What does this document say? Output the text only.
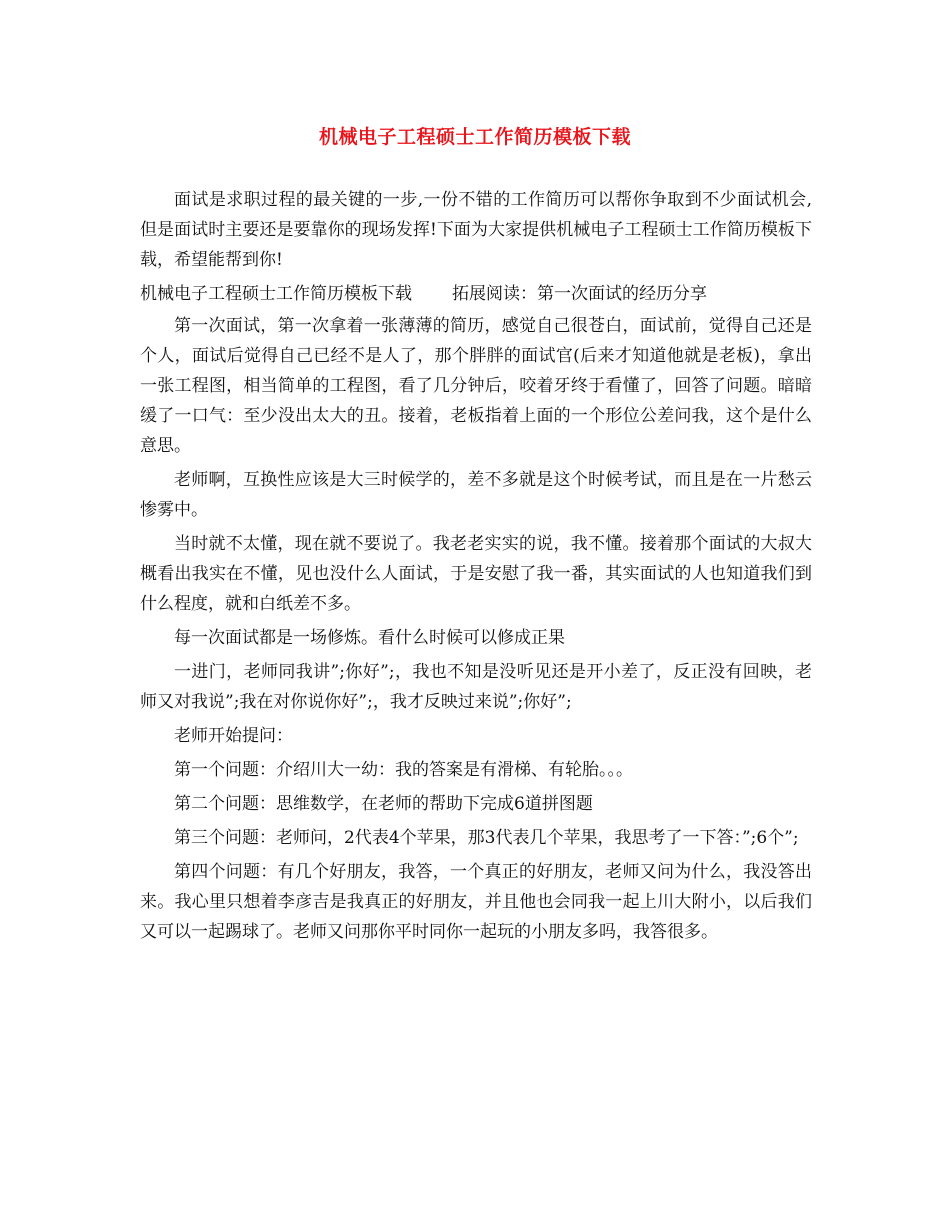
机械电子工程硕士工作简历模板下载

面试是求职过程的最关键的一步,一份不错的工作简历可以帮你争取到不少面试机会,但是面试时主要还是要靠你的现场发挥!下面为大家提供机械电子工程硕士工作简历模板下载，希望能帮到你!

机械电子工程硕士工作简历模板下载 拓展阅读：第一次面试的经历分享

第一次面试，第一次拿着一张薄薄的简历，感觉自己很苍白，面试前，觉得自己还是个人，面试后觉得自己已经不是人了，那个胖胖的面试官(后来才知道他就是老板)，拿出一张工程图，相当简单的工程图，看了几分钟后，咬着牙终于看懂了，回答了问题。暗暗缓了一口气：至少没出太大的丑。接着，老板指着上面的一个形位公差问我，这个是什么意思。

老师啊，互换性应该是大三时候学的，差不多就是这个时候考试，而且是在一片愁云惨雾中。

当时就不太懂，现在就不要说了。我老老实实的说，我不懂。接着那个面试的大叔大概看出我实在不懂，见也没什么人面试，于是安慰了我一番，其实面试的人也知道我们到什么程度，就和白纸差不多。

每一次面试都是一场修炼。看什么时候可以修成正果

一进门，老师同我讲”;你好”;，我也不知是没听见还是开小差了，反正没有回映，老师又对我说”;我在对你说你好”;，我才反映过来说”;你好”;

老师开始提问：

第一个问题：介绍川大一幼：我的答案是有滑梯、有轮胎。。。

第二个问题：思维数学，在老师的帮助下完成6道拼图题

第三个问题：老师问，2代表4个苹果，那3代表几个苹果，我思考了一下答：”;6个”;

第四个问题：有几个好朋友，我答，一个真正的好朋友，老师又问为什么，我没答出来。我心里只想着李彦吉是我真正的好朋友，并且他也会同我一起上川大附小，以后我们又可以一起踢球了。老师又问那你平时同你一起玩的小朋友多吗，我答很多。
